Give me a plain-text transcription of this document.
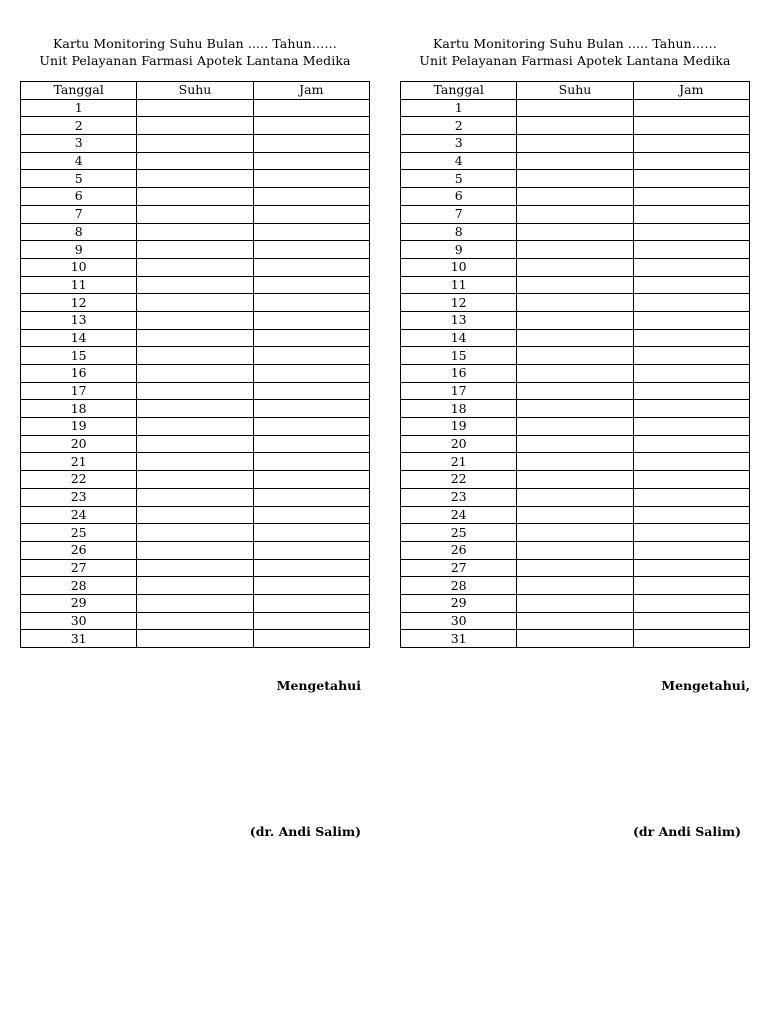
Kartu Monitoring Suhu Bulan ..... Tahun……
Unit Pelayanan Farmasi Apotek Lantana Medika
Tanggal	Suhu	Jam
1		
2		
3		
4		
5		
6		
7		
8		
9		
10		
11		
12		
13		
14		
15		
16		
17		
18		
19		
20		
21		
22		
23		
24		
25		
26		
27		
28		
29		
30		
31		
Mengetahui
(dr. Andi Salim)
Kartu Monitoring Suhu Bulan ..... Tahun……
Unit Pelayanan Farmasi Apotek Lantana Medika
Tanggal	Suhu	Jam
1		
2		
3		
4		
5		
6		
7		
8		
9		
10		
11		
12		
13		
14		
15		
16		
17		
18		
19		
20		
21		
22		
23		
24		
25		
26		
27		
28		
29		
30		
31		
Mengetahui,
(dr Andi Salim)
